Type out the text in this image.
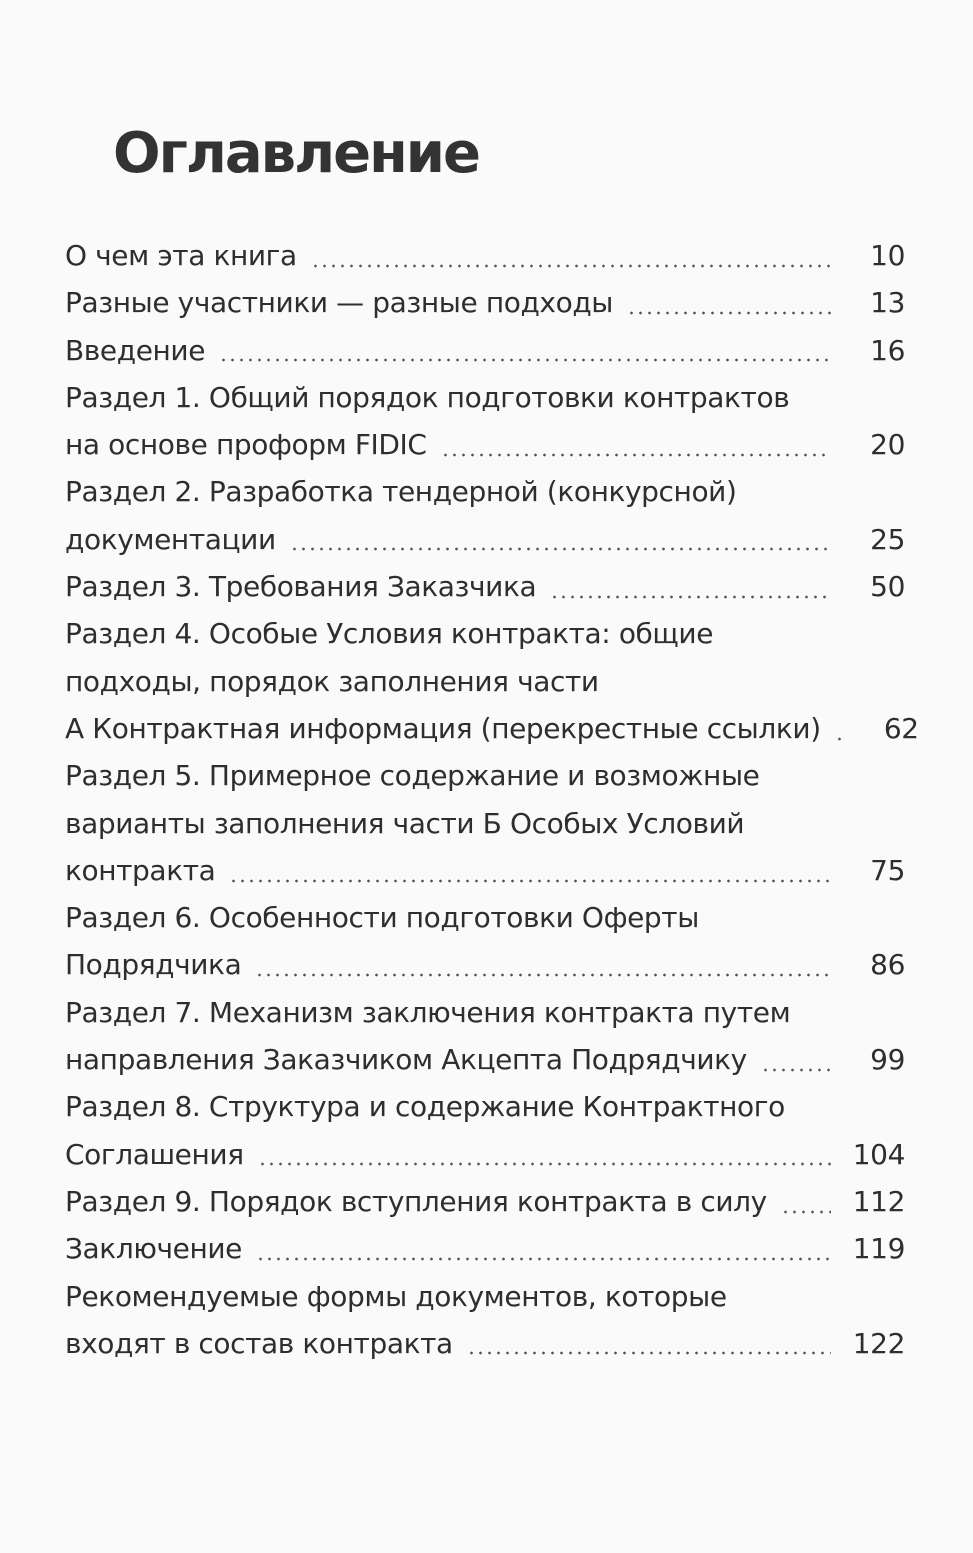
Оглавление
О чем эта книга	10
Разные участники — разные подходы	13
Введение	16
Раздел 1. Общий порядок подготовки контрактов
на основе проформ FIDIC	20
Раздел 2. Разработка тендерной (конкурсной)
документации	25
Раздел 3. Требования Заказчика	50
Раздел 4. Особые Условия контракта: общие
подходы, порядок заполнения части
А Контрактная информация (перекрестные ссылки)	62
Раздел 5. Примерное содержание и возможные
варианты заполнения части Б Особых Условий
контракта	75
Раздел 6. Особенности подготовки Оферты
Подрядчика	86
Раздел 7. Механизм заключения контракта путем
направления Заказчиком Акцепта Подрядчику	99
Раздел 8. Структура и содержание Контрактного
Соглашения	104
Раздел 9. Порядок вступления контракта в силу	112
Заключение	119
Рекомендуемые формы документов, которые
входят в состав контракта	122
